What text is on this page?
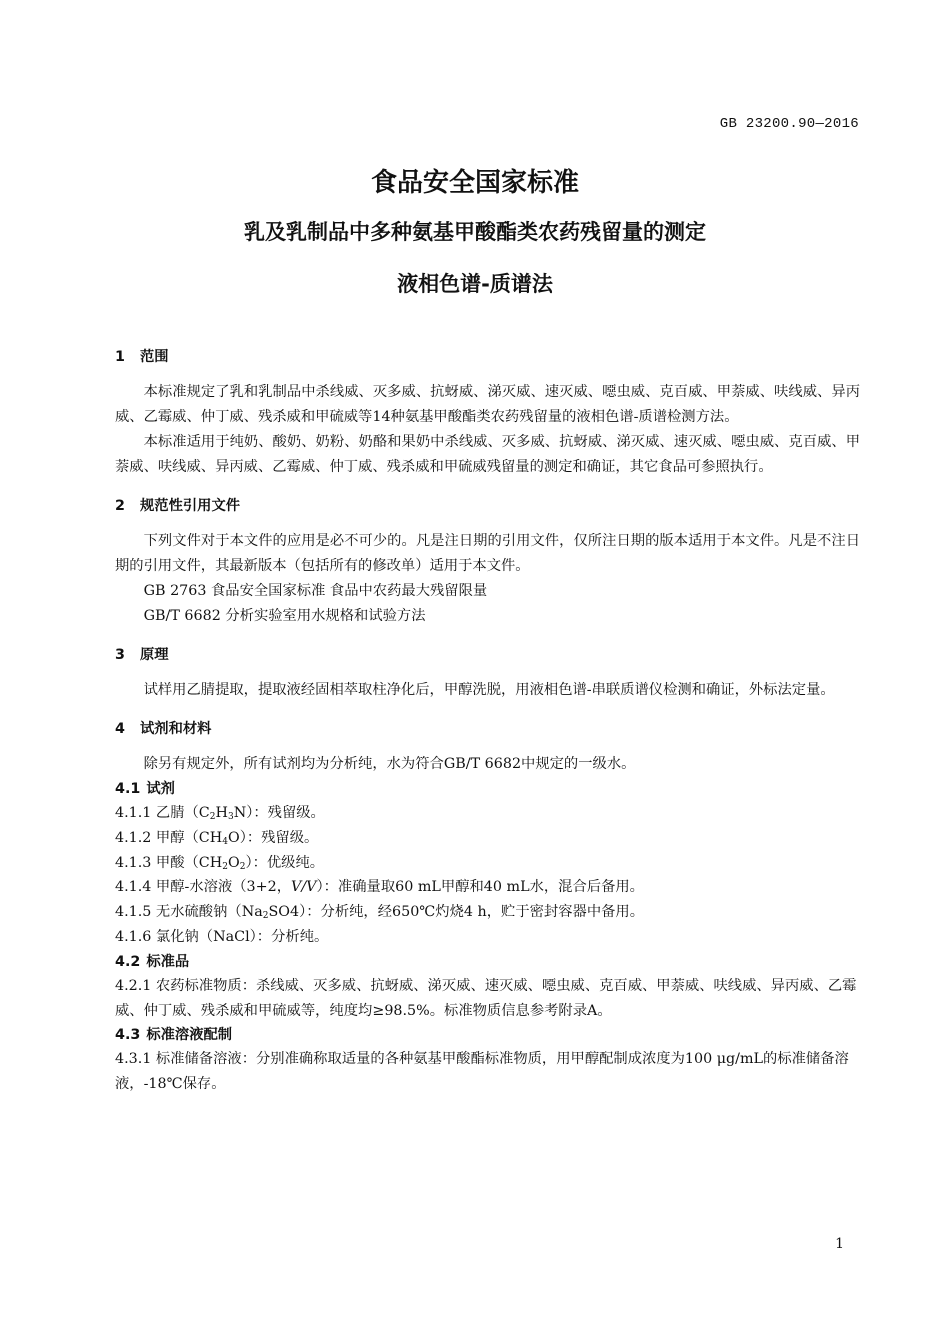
GB 23200.90—2016
食品安全国家标准
乳及乳制品中多种氨基甲酸酯类农药残留量的测定
液相色谱-质谱法
1 范围

本标准规定了乳和乳制品中杀线威、灭多威、抗蚜威、涕灭威、速灭威、噁虫威、克百威、甲萘威、呋线威、异丙威、乙霉威、仲丁威、残杀威和甲硫威等14种氨基甲酸酯类农药残留量的液相色谱-质谱检测方法。

本标准适用于纯奶、酸奶、奶粉、奶酪和果奶中杀线威、灭多威、抗蚜威、涕灭威、速灭威、噁虫威、克百威、甲萘威、呋线威、异丙威、乙霉威、仲丁威、残杀威和甲硫威残留量的测定和确证，其它食品可参照执行。

2 规范性引用文件

下列文件对于本文件的应用是必不可少的。凡是注日期的引用文件，仅所注日期的版本适用于本文件。凡是不注日期的引用文件，其最新版本（包括所有的修改单）适用于本文件。

GB 2763 食品安全国家标准 食品中农药最大残留限量

GB/T 6682 分析实验室用水规格和试验方法

3 原理

试样用乙腈提取，提取液经固相萃取柱净化后，甲醇洗脱，用液相色谱-串联质谱仪检测和确证，外标法定量。

4 试剂和材料

除另有规定外，所有试剂均为分析纯，水为符合GB/T 6682中规定的一级水。

4.1 试剂

4.1.1 乙腈$(C_2H_3N)$：残留级。

4.1.2 甲醇$(CH_4O)$：残留级。

4.1.3 甲酸$(CH_2O_2)$：优级纯。

4.1.4 甲醇-水溶液（3+2，V/V）：准确量取60 mL甲醇和40 mL水，混合后备用。

4.1.5 无水硫酸钠$(Na_2SO4)$：分析纯，经650℃灼烧4 h，贮于密封容器中备用。

4.1.6 氯化钠（NaCl）：分析纯。

4.2 标准品

4.2.1 农药标准物质：杀线威、灭多威、抗蚜威、涕灭威、速灭威、噁虫威、克百威、甲萘威、呋线威、异丙威、乙霉威、仲丁威、残杀威和甲硫威等，纯度均≥98.5%。标准物质信息参考附录A。

4.3 标准溶液配制

4.3.1 标准储备溶液：分别准确称取适量的各种氨基甲酸酯标准物质，用甲醇配制成浓度为100 μg/mL的标准储备溶液，-18℃保存。

1
